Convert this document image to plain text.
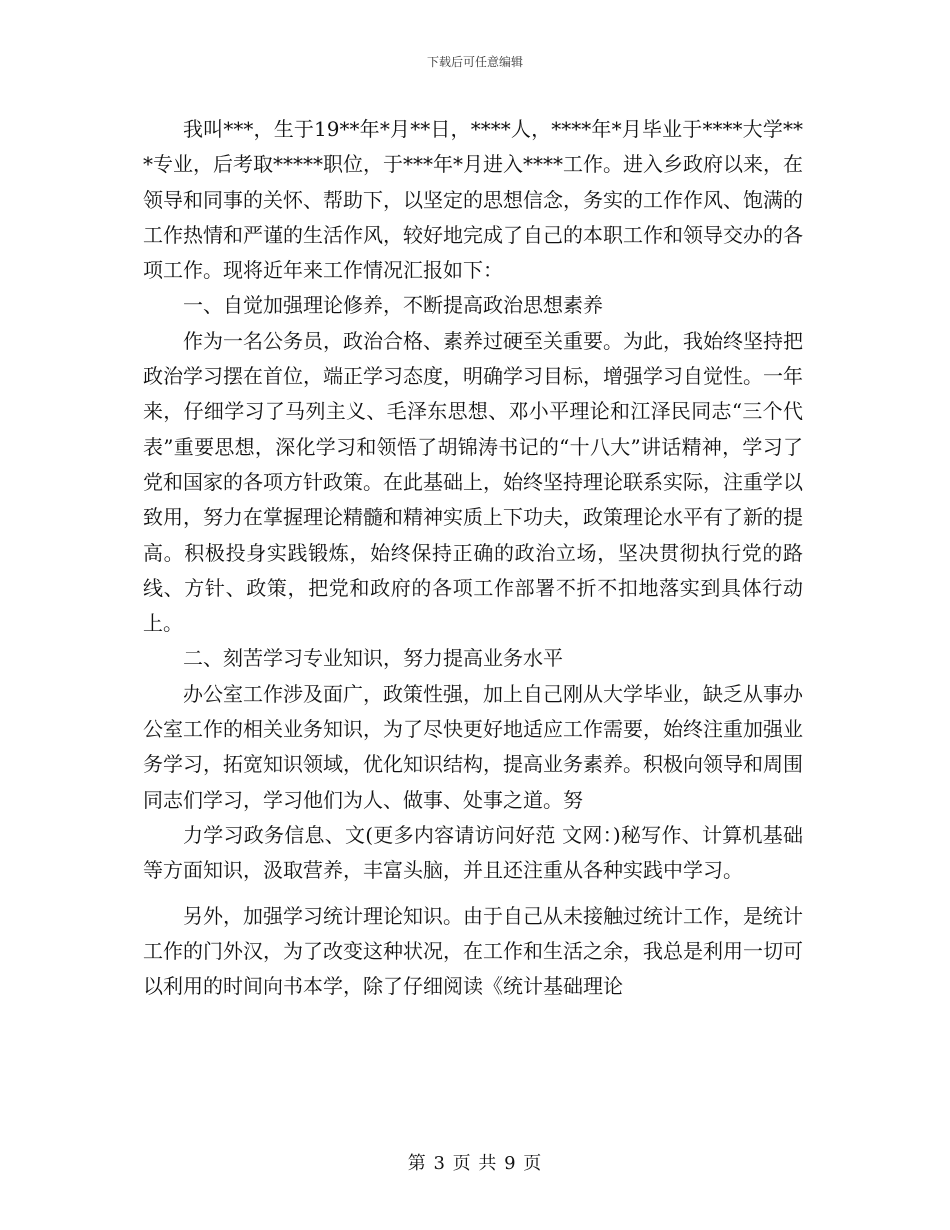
下载后可任意编辑

我叫***，生于19**年*月**日，****人，****年*月毕业于****大学***专业，后考取*****职位，于***年*月进入****工作。进入乡政府以来，在领导和同事的关怀、帮助下，以坚定的思想信念，务实的工作作风、饱满的工作热情和严谨的生活作风，较好地完成了自己的本职工作和领导交办的各项工作。现将近年来工作情况汇报如下：

一、自觉加强理论修养，不断提高政治思想素养

作为一名公务员，政治合格、素养过硬至关重要。为此，我始终坚持把政治学习摆在首位，端正学习态度，明确学习目标，增强学习自觉性。一年来，仔细学习了马列主义、毛泽东思想、邓小平理论和江泽民同志“三个代表”重要思想，深化学习和领悟了胡锦涛书记的“十八大”讲话精神，学习了党和国家的各项方针政策。在此基础上，始终坚持理论联系实际，注重学以致用，努力在掌握理论精髓和精神实质上下功夫，政策理论水平有了新的提高。积极投身实践锻炼，始终保持正确的政治立场，坚决贯彻执行党的路线、方针、政策，把党和政府的各项工作部署不折不扣地落实到具体行动上。

二、刻苦学习专业知识，努力提高业务水平

办公室工作涉及面广，政策性强，加上自己刚从大学毕业，缺乏从事办公室工作的相关业务知识，为了尽快更好地适应工作需要，始终注重加强业务学习，拓宽知识领域，优化知识结构，提高业务素养。积极向领导和周围同志们学习，学习他们为人、做事、处事之道。努

力学习政务信息、文(更多内容请访问好范 文网：)秘写作、计算机基础等方面知识，汲取营养，丰富头脑，并且还注重从各种实践中学习。

另外，加强学习统计理论知识。由于自己从未接触过统计工作，是统计工作的门外汉，为了改变这种状况，在工作和生活之余，我总是利用一切可以利用的时间向书本学，除了仔细阅读《统计基础理论

第 3 页 共 9 页
